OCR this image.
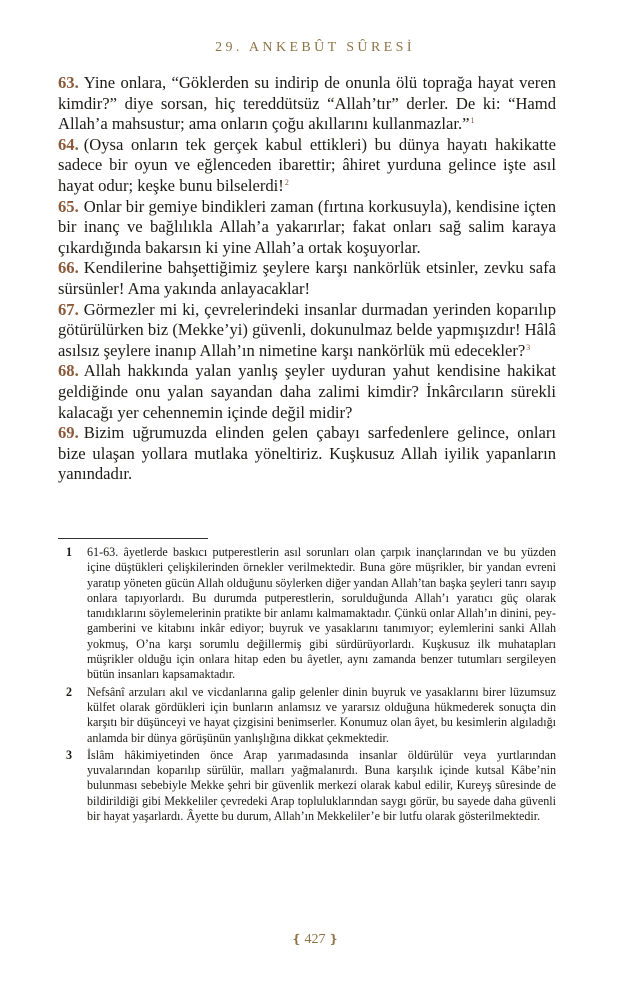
29. ANKEBÛT SÛRESİ

63. Yine onlara, “Göklerden su indirip de onunla ölü toprağa hayat veren kimdir?” diye sorsan, hiç tereddütsüz “Allah’tır” derler. De ki: “Hamd Allah’a mahsustur; ama onların çoğu akıllarını kullanmazlar.”$^1$

64. (Oysa onların tek gerçek kabul ettikleri) bu dünya hayatı hakikatte sadece bir oyun ve eğlenceden ibarettir; âhiret yurduna gelince işte asıl hayat odur; keşke bunu bilselerdi!$^2$

65. Onlar bir gemiye bindikleri zaman (fırtına korkusuyla), kendisine içten bir inanç ve bağlılıkla Allah’a yakarırlar; fakat onları sağ salim karaya çıkardığında bakarsın ki yine Allah’a ortak koşuyorlar.

66. Kendilerine bahşettiğimiz şeylere karşı nankörlük etsinler, zevku safa sürsünler! Ama yakında anlayacaklar!

67. Görmezler mi ki, çevrelerindeki insanlar durmadan yerinden koparılıp götürülürken biz (Mekke’yi) güvenli, dokunulmaz belde yapmışızdır! Hâlâ asılsız şeylere inanıp Allah’ın nimetine karşı nankörlük mü edecekler?$^3$

68. Allah hakkında yalan yanlış şeyler uyduran yahut kendisine hakikat geldiğinde onu yalan sayandan daha zalimi kimdir? İnkârcıların sürekli kalacağı yer cehennemin içinde değil midir?

69. Bizim uğrumuzda elinden gelen çabayı sarfedenlere gelince, onları bize ulaşan yollara mutlaka yöneltiriz. Kuşkusuz Allah iyilik yapanların yanındadır.

1	61-63. âyetlerde baskıcı putperestlerin asıl sorunları olan çarpık inançlarından ve bu yüzden içine düştükleri çelişkilerinden örnekler verilmektedir. Buna göre müşrikler, bir yandan evreni yaratıp yöneten gücün Allah olduğunu söylerken diğer yandan Allah’tan başka şeyleri tanrı sayıp onlara tapıyorlardı. Bu durumda putperestlerin, sorulduğunda Allah’ı yaratıcı güç olarak tanıdıklarını söylemelerinin pratikte bir anlamı kalmamaktadır. Çünkü onlar Allah’ın dinini, peygamberini ve kitabını inkâr ediyor; buyruk ve yasaklarını tanımıyor; eylemlerini sanki Allah yokmuş, O’na karşı sorumlu değillermiş gibi sürdürüyorlardı. Kuşkusuz ilk muhatapları müşrikler olduğu için onlara hitap eden bu âyetler, aynı zamanda benzer tutumları sergileyen bütün insanları kapsamaktadır.
2	Nefsânî arzuları akıl ve vicdanlarına galip gelenler dinin buyruk ve yasaklarını birer lüzumsuz külfet olarak gördükleri için bunların anlamsız ve yararsız olduğuna hükmederek sonuçta din karşıtı bir düşünceyi ve hayat çizgisini benimserler. Konumuz olan âyet, bu kesimlerin algıladığı anlamda bir dünya görüşünün yanlışlığına dikkat çekmektedir.
3	İslâm hâkimiyetinden önce Arap yarımadasında insanlar öldürülür veya yurtlarından yuvalarından koparılıp sürülür, malları yağmalanırdı. Buna karşılık içinde kutsal Kâbe’nin bulunması sebebiyle Mekke şehri bir güvenlik merkezi olarak kabul edilir, Kureyş sûresinde de bildirildiği gibi Mekkeliler çevredeki Arap topluluklarından saygı görür, bu sayede daha güvenli bir hayat yaşarlardı. Âyette bu durum, Allah’ın Mekkeliler’e bir lutfu olarak gösterilmektedir.
❴ 427 ❵
